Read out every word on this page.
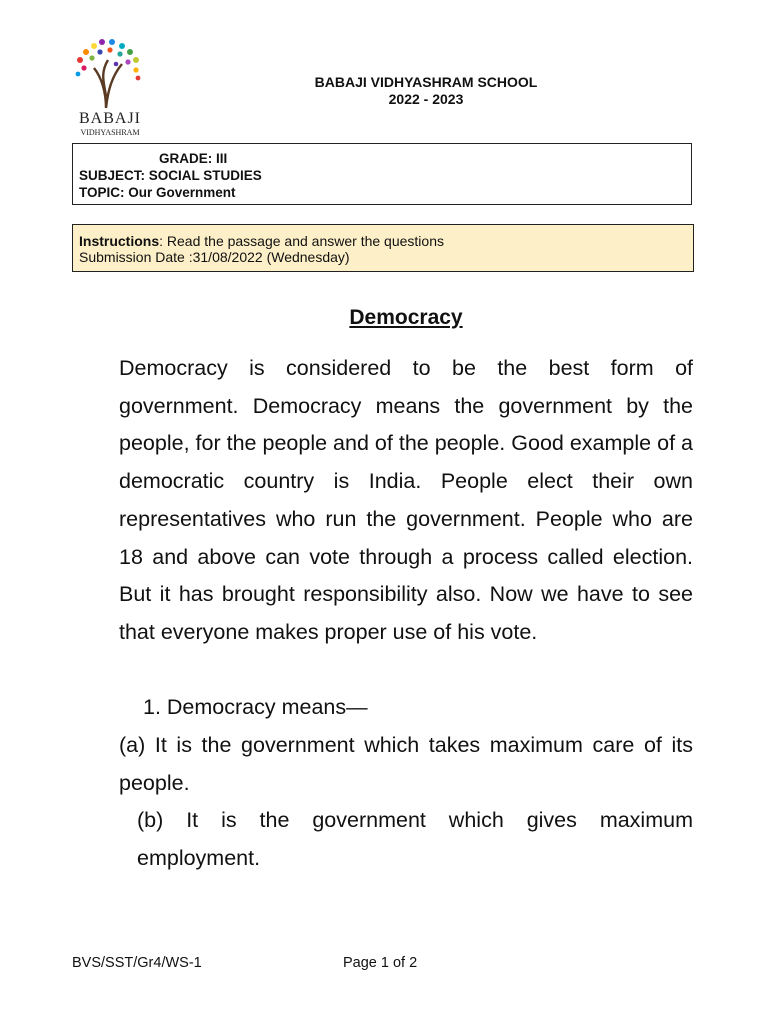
BABAJI
VIDHYASHRAM
BABAJI VIDHYASHRAM SCHOOL
2022 - 2023
GRADE: III
SUBJECT: SOCIAL STUDIES
TOPIC: Our Government
Instructions: Read the passage and answer the questions
Submission Date :31/08/2022 (Wednesday)
Democracy

Democracy is considered to be the best form of government. Democracy means the government by the people, for the people and of the people. Good example of a democratic country is India. People elect their own representatives who run the government. People who are 18 and above can vote through a process called election. But it has brought responsibility also. Now we have to see that everyone makes proper use of his vote.

1. Democracy means—

(a) It is the government which takes maximum care of its people.

(b) It is the government which gives maximum employment.

BVS/SST/Gr4/WS-1	Page 1 of 2
